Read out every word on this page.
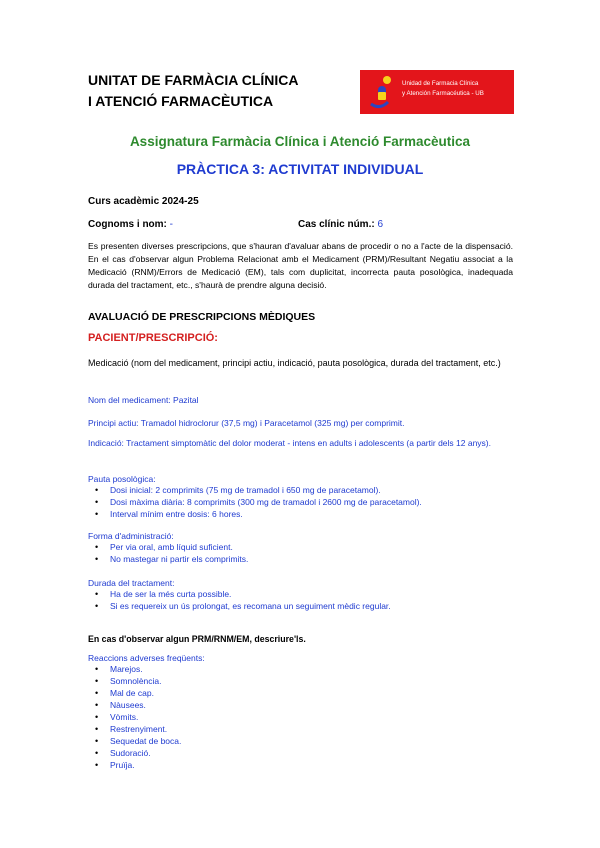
UNITAT DE FARMÀCIA CLÍNICA
I ATENCIÓ FARMACÈUTICA
Unidad de Farmacia Clínica
y Atención Farmacéutica - UB
Assignatura Farmàcia Clínica i Atenció Farmacèutica
PRÀCTICA 3: ACTIVITAT INDIVIDUAL
Curs acadèmic 2024-25
Cognoms i nom: -	Cas clínic núm.: 6
Es presenten diverses prescripcions, que s'hauran d'avaluar abans de procedir o no a l'acte de la dispensació. En el cas d'observar algun Problema Relacionat amb el Medicament (PRM)/Resultant Negatiu associat a la Medicació (RNM)/Errors de Medicació (EM), tals com duplicitat, incorrecta pauta posològica, inadequada durada del tractament, etc., s'haurà de prendre alguna decisió.
AVALUACIÓ DE PRESCRIPCIONS MÈDIQUES
PACIENT/PRESCRIPCIÓ:
Medicació (nom del medicament, principi actiu, indicació, pauta posològica, durada del tractament, etc.)
Nom del medicament: Pazital
Principi actiu: Tramadol hidroclorur (37,5 mg) i Paracetamol (325 mg) per comprimit.
Indicació: Tractament simptomàtic del dolor moderat - intens en adults i adolescents (a partir dels 12 anys).
Pauta posològica:
• Dosi inicial: 2 comprimits (75 mg de tramadol i 650 mg de paracetamol).
• Dosi màxima diària: 8 comprimits (300 mg de tramadol i 2600 mg de paracetamol).
• Interval mínim entre dosis: 6 hores.
Forma d'administració:
• Per via oral, amb líquid suficient.
• No mastegar ni partir els comprimits.
Durada del tractament:
• Ha de ser la més curta possible.
• Si es requereix un ús prolongat, es recomana un seguiment mèdic regular.
En cas d'observar algun PRM/RNM/EM, descriure'ls.
Reaccions adverses freqüents:
• Marejos.
• Somnolència.
• Mal de cap.
• Nàusees.
• Vòmits.
• Restrenyiment.
• Sequedat de boca.
• Sudoració.
• Pruïja.
